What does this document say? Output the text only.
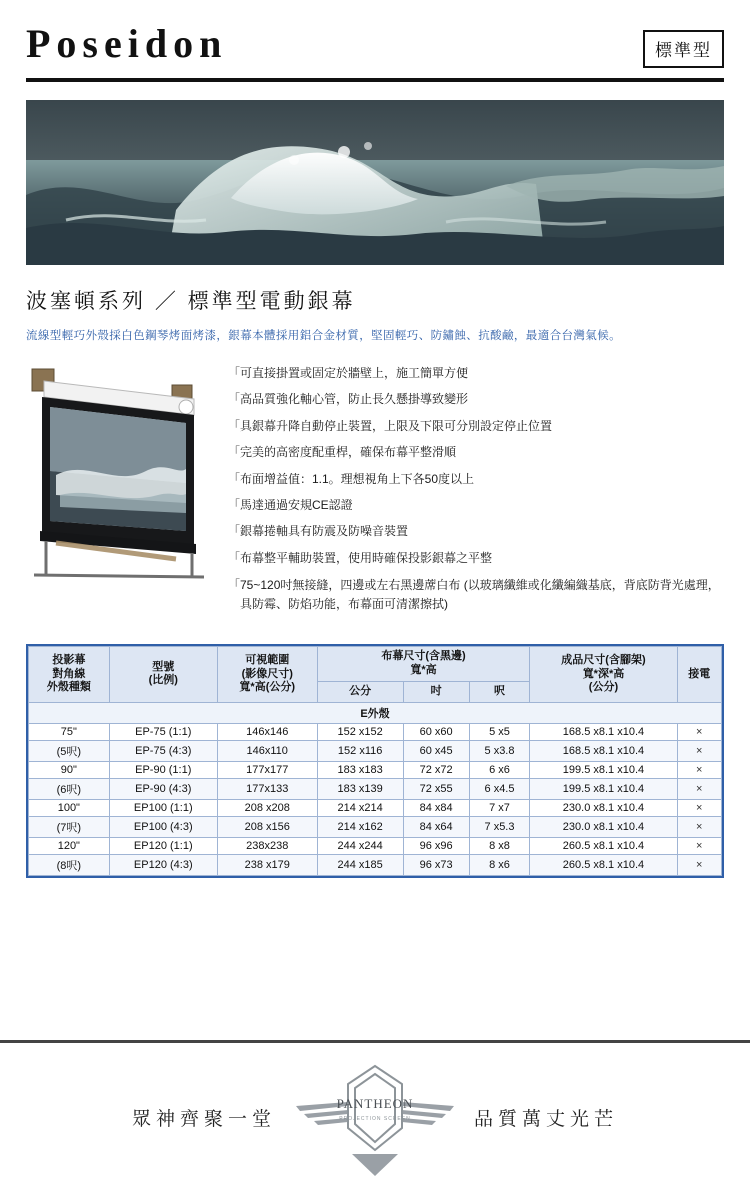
Poseidon	標準型
波塞頓系列 ／ 標準型電動銀幕
流線型輕巧外殼採白色鋼琴烤面烤漆，銀幕本體採用鋁合金材質，堅固輕巧、防鏽蝕、抗酸鹼，最適合台灣氣候。
「 可直接掛置或固定於牆壁上，施工簡單方便
「 高品質強化軸心管，防止長久懸掛導致變形
「 具銀幕升降自動停止裝置，上限及下限可分別設定停止位置
「 完美的高密度配重桿，確保布幕平整滑順
「 布面增益值：1.1。理想視角上下各50度以上
「 馬達通過安規CE認證
「 銀幕捲軸具有防震及防噪音裝置
「 布幕整平輔助裝置，使用時確保投影銀幕之平整
「 75~120吋無接縫，四邊或左右黑邊蓆白布 (以玻璃纖維或化纖編織基底，背底防背光處理，具防霉、防焰功能，布幕面可清潔擦拭)
投影幕
對角線
外殼種類

型號
(比例)

可視範圍
(影像尺寸)
寬*高(公分)

布幕尺寸(含黑邊)
寬*高

成品尺寸(含腳架)
寬*深*高
(公分)
	接電
			公分	吋	呎		
E外殼							
75"	EP-75 (1:1)	146x146	152 x152	60 x60	5 x5	168.5 x8.1 x10.4	×
(5呎)	EP-75 (4:3)	146x110	152 x116	60 x45	5 x3.8	168.5 x8.1 x10.4	×
90"	EP-90 (1:1)	177x177	183 x183	72 x72	6 x6	199.5 x8.1 x10.4	×
(6呎)	EP-90 (4:3)	177x133	183 x139	72 x55	6 x4.5	199.5 x8.1 x10.4	×
100"	EP100 (1:1)	208 x208	214 x214	84 x84	7 x7	230.0 x8.1 x10.4	×
(7呎)	EP100 (4:3)	208 x156	214 x162	84 x64	7 x5.3	230.0 x8.1 x10.4	×
120"	EP120 (1:1)	238x238	244 x244	96 x96	8 x8	260.5 x8.1 x10.4	×
(8呎)	EP120 (4:3)	238 x179	244 x185	96 x73	8 x6	260.5 x8.1 x10.4	×
眾神齊聚一堂
PANTHEON
PROJECTION SCREEN	品質萬丈光芒
